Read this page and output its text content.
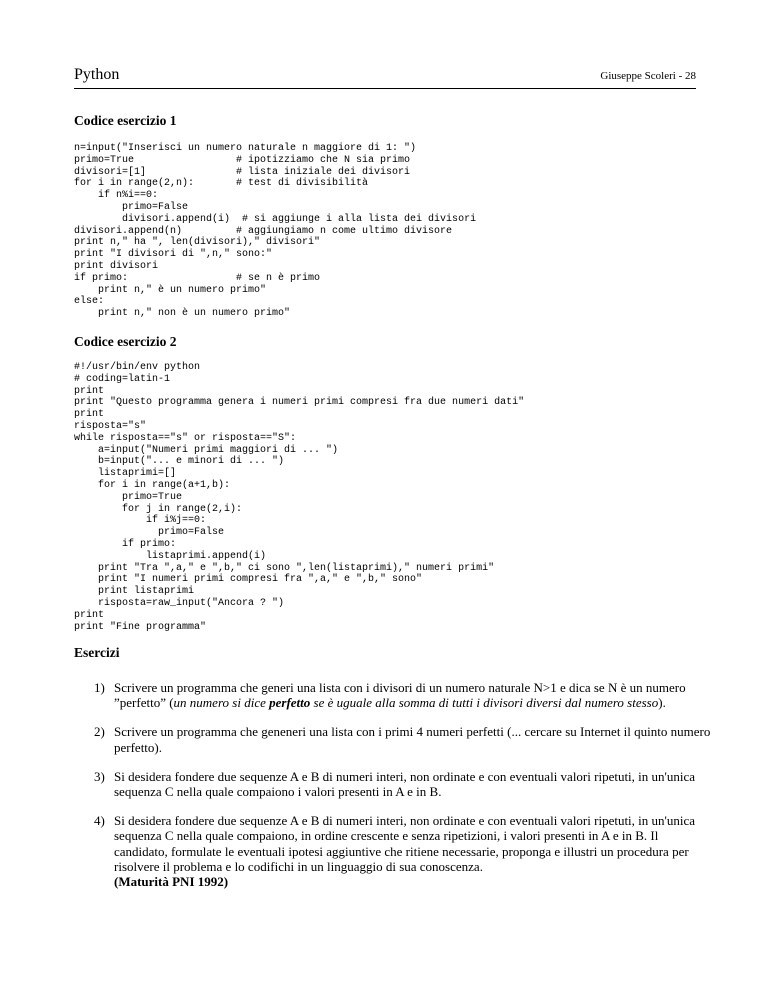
Python	Giuseppe Scoleri - 28
Codice esercizio 1
n=input("Inserisci un numero naturale n maggiore di 1: ")
primo=True                 # ipotizziamo che N sia primo
divisori=[1]               # lista iniziale dei divisori
for i in range(2,n):       # test di divisibilità
if n%i==0:
primo=False
divisori.append(i)  # si aggiunge i alla lista dei divisori
divisori.append(n)         # aggiungiamo n come ultimo divisore
print n," ha ", len(divisori)," divisori"
print "I divisori di ",n," sono:"
print divisori
if primo:                  # se n è primo
print n," è un numero primo"
else:
print n," non è un numero primo"
Codice esercizio 2
#!/usr/bin/env python
# coding=latin-1
print
print "Questo programma genera i numeri primi compresi fra due numeri dati"
print
risposta="s"
while risposta=="s" or risposta=="S":
a=input("Numeri primi maggiori di ... ")
b=input("... e minori di ... ")
listaprimi=[]
for i in range(a+1,b):
primo=True
for j in range(2,i):
if i%j==0:
primo=False
if primo:
listaprimi.append(i)
print "Tra ",a," e ",b," ci sono ",len(listaprimi)," numeri primi"
print "I numeri primi compresi fra ",a," e ",b," sono"
print listaprimi
risposta=raw_input("Ancora ? ")
print
print "Fine programma"
Esercizi
1) Scrivere un programma che generi una lista con i divisori di un numero naturale N>1 e dica se N è un numero ”perfetto” (un numero si dice perfetto se è uguale alla somma di tutti i divisori diversi dal numero stesso).
2) Scrivere un programma che geneneri una lista con i primi 4 numeri perfetti (... cercare su Internet il quinto numero perfetto).
3) Si desidera fondere due sequenze A e B di numeri interi, non ordinate e con eventuali valori ripetuti, in un'unica sequenza C nella quale compaiono i valori presenti in A e in B.
4) Si desidera fondere due sequenze A e B di numeri interi, non ordinate e con eventuali valori ripetuti, in un'unica sequenza C nella quale compaiono, in ordine crescente e senza ripetizioni, i valori presenti in A e in B. Il candidato, formulate le eventuali ipotesi aggiuntive che ritiene necessarie, proponga e illustri un procedura per risolvere il problema e lo codifichi in un linguaggio di sua conoscenza.
(Maturità PNI 1992)
